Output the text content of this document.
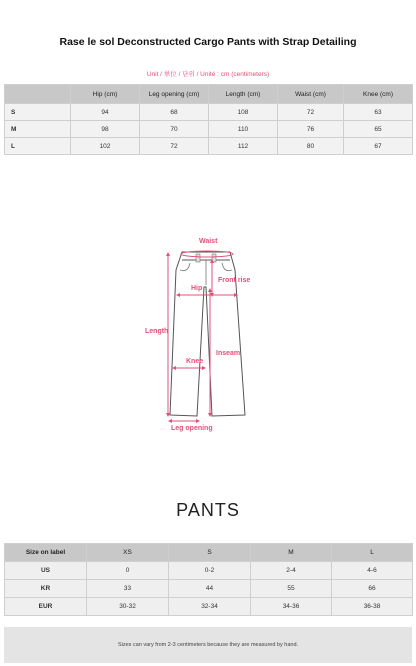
Rase le sol Deconstructed Cargo Pants with Strap Detailing
Unit / 単位 / 단위 / Unité : cm (centimeters)
	Hip (cm)	Leg opening (cm)	Length (cm)	Waist (cm)	Knee (cm)
S	94	68	108	72	63
M	98	70	110	76	65
L	102	72	112	80	67
Waist
Front rise
Hip
Length
Inseam
Knee
Leg opening
PANTS
Size on label	XS	S	M	L
US	0	0-2	2-4	4-6
KR	33	44	55	66
EUR	30-32	32-34	34-36	36-38
Sizes can vary from 2-3 centimeters because they are measured by hand.
